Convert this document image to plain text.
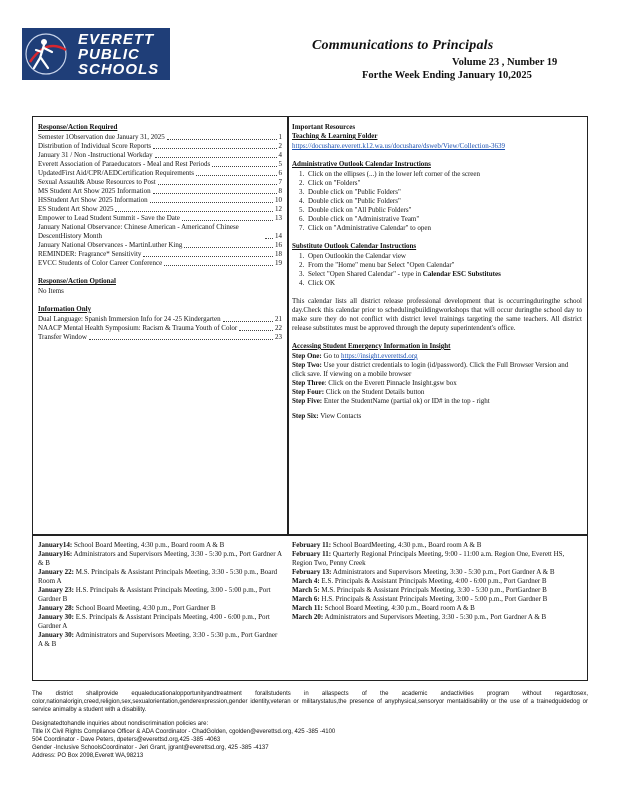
EVERETT
PUBLIC
SCHOOLS
Communications to Principals
Volume 23 , Number 19
Forthe Week Ending January 10,2025
Response/Action Required
Semester 1Observation due January 31, 2025	1
Distribution of Individual Score Reports	2
January 31 / Non -Instructional Workday	4
Everett Association of Paraeducators - Meal and Rest Periods	5
UpdatedFirst Aid/CPR/AEDCertification Requirements	6
Sexual Assault& Abuse Resources to Post	7
MS Student Art Show 2025 Information	8
HSStudent Art Show 2025 Information	10
ES Student Art Show 2025	12
Empower to Lead Student Summit - Save the Date	13
January National Observance: Chinese American - Americanof Chinese DescentHistory Month	14
January National Observances - MartinLuther King	16
REMINDER: Fragrance* Sensitivity	18
EVCC Students of Color Career Conference	19
Response/Action Optional
No Items
Information Only
Dual Language: Spanish Immersion Info for 24 -25 Kindergarten	21
NAACP Mental Health Symposium: Racism & Trauma Youth of Color	22
Transfer Window	23
Important Resources
Teaching & Learning Folder
https://docushare.everett.k12.wa.us/docushare/dsweb/View/Collection-3639
Administrative Outlook Calendar Instructions
1. Click on the ellipses (...) in the lower left corner of the screen
2. Click on "Folders"
3. Double click on "Public Folders"
4. Double click on "Public Folders"
5. Double click on "All Public Folders"
6. Double click on "Administrative Team"
7. Click on "Administrative Calendar" to open
Substitute Outlook Calendar Instructions
1. Open Outlookin the Calendar view
2. From the "Home" menu bar Select "Open Calendar"
3. Select "Open Shared Calendar" - type in Calendar ESC Substitutes
4. Click OK
This calendar lists all district release professional development that is occurringduringthe school day.Check this calendar prior to schedulingbuildingworkshops that will occur duringthe school day to make sure they do not conflict with district level trainings targeting the same teachers. All district release substitutes must be approved through the deputy superintendent's office.
Accessing Student Emergency Information in Insight
Step One: Go to https://insight.everettsd.org
Step Two: Use your district credentials to login (id/password). Click the Full Browser Version and click save. If viewing on a mobile browser
Step Three: Click on the Everett Pinnacle Insight.gsw box
Step Four: Click on the Student Details button
Step Five: Enter the StudentName (partial ok) or ID# in the top - right
Step Six: View Contacts
January14: School Board Meeting, 4:30 p.m., Board room A & B
January16: Administrators and Supervisors Meeting, 3:30 - 5:30 p.m., Port Gardner A & B
January 22: M.S. Principals & Assistant Principals Meeting, 3:30 - 5:30 p.m., Board Room A
January 23: H.S. Principals & Assistant Principals Meeting, 3:00 - 5:00 p.m., Port Gardner B
January 28: School Board Meeting, 4:30 p.m., Port Gardner B
January 30: E.S. Principals & Assistant Principals Meeting, 4:00 - 6:00 p.m., Port Gardner A
January 30: Administrators and Supervisors Meeting, 3:30 - 5:30 p.m., Port Gardner A & B
February 11: School BoardMeeting, 4:30 p.m., Board room A & B
February 11: Quarterly Regional Principals Meeting, 9:00 - 11:00 a.m. Region One, Everett HS, Region Two, Penny Creek
February 13: Administrators and Supervisors Meeting, 3:30 - 5:30 p.m., Port Gardner A & B
March 4: E.S. Principals & Assistant Principals Meeting, 4:00 - 6:00 p.m., Port Gardner B
March 5: M.S. Principals & Assistant Principals Meeting, 3:30 - 5:30 p.m., PortGardner B
March 6: H.S. Principals & Assistant Principals Meeting, 3:00 - 5:00 p.m., Port Gardner B
March 11: School Board Meeting, 4:30 p.m., Board room A & B
March 20: Administrators and Supervisors Meeting, 3:30 - 5:30 p.m., Port Gardner A & B

The district shallprovide equaleducationalopportunityandtreatment forallstudents in allaspects of the academic andactivities program without regardtosex, color,nationalorigin,creed,religion,sex,sexualorientation,genderexpression,gender identity,veteran or militarystatus,the presence of anyphysical,sensoryor mentaldisability or the use of a trainedguidedog or service animalby a student with a disability.

Designatedtohandle inquiries about nondiscrimination policies are:
Title IX Civil Rights Compliance Officer & ADA Coordinator - ChadGolden, cgolden@everettsd.org, 425 -385 -4100
504 Coordinator - Dave Peters, dpeters@everettsd.org,425 -385 -4063
Gender -Inclusive SchoolsCoordinator - Jeri Grant, jgrant@everettsd.org, 425 -385 -4137
Address: PO Box 2098,Everett WA,98213
